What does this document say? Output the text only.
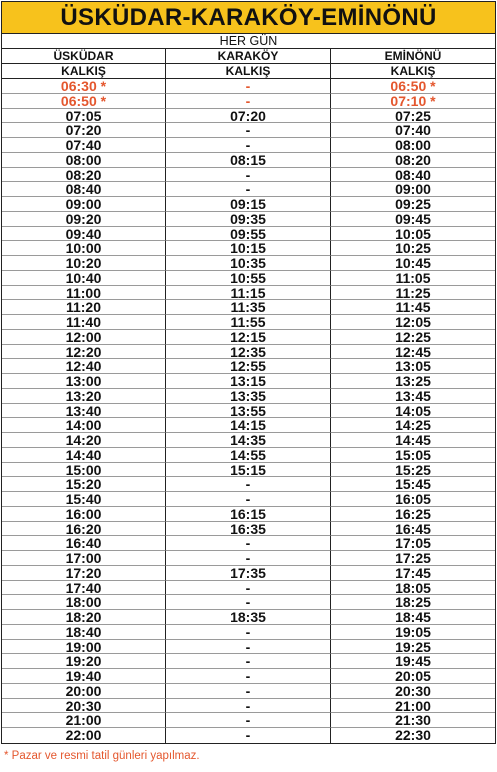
ÜSKÜDAR-KARAKÖY-EMİNÖNÜ
HER GÜN
ÜSKÜDAR	KARAKÖY	EMİNÖNÜ
KALKIŞ	KALKIŞ	KALKIŞ
06:30 *	-	06:50 *
06:50 *	-	07:10 *
07:05	07:20	07:25
07:20	-	07:40
07:40	-	08:00
08:00	08:15	08:20
08:20	-	08:40
08:40	-	09:00
09:00	09:15	09:25
09:20	09:35	09:45
09:40	09:55	10:05
10:00	10:15	10:25
10:20	10:35	10:45
10:40	10:55	11:05
11:00	11:15	11:25
11:20	11:35	11:45
11:40	11:55	12:05
12:00	12:15	12:25
12:20	12:35	12:45
12:40	12:55	13:05
13:00	13:15	13:25
13:20	13:35	13:45
13:40	13:55	14:05
14:00	14:15	14:25
14:20	14:35	14:45
14:40	14:55	15:05
15:00	15:15	15:25
15:20	-	15:45
15:40	-	16:05
16:00	16:15	16:25
16:20	16:35	16:45
16:40	-	17:05
17:00	-	17:25
17:20	17:35	17:45
17:40	-	18:05
18:00	-	18:25
18:20	18:35	18:45
18:40	-	19:05
19:00	-	19:25
19:20	-	19:45
19:40	-	20:05
20:00	-	20:30
20:30	-	21:00
21:00	-	21:30
22:00	-	22:30
* Pazar ve resmi tatil günleri yapılmaz.
